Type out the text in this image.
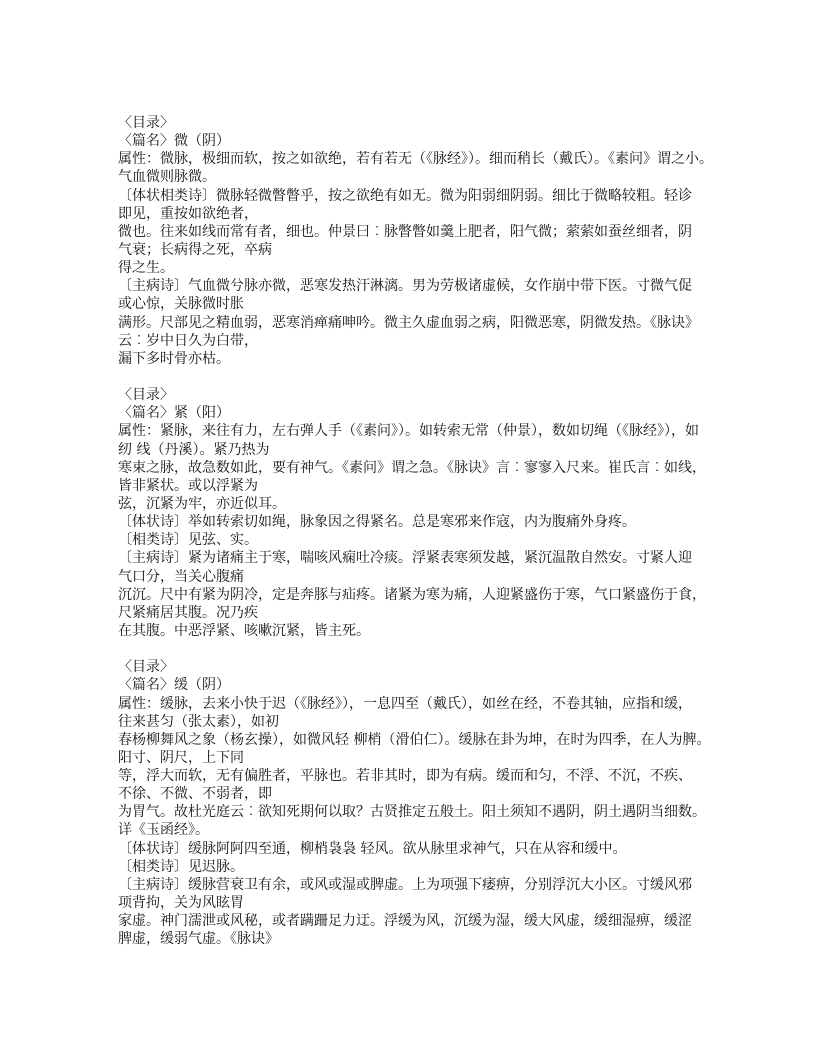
〈目录〉
〈篇名〉微（阴）
属性：微脉，极细而软，按之如欲绝，若有若无（《脉经》）。细而稍长（戴氏）。《素问》谓之小。
气血微则脉微。
〔体状相类诗〕微脉轻微瞥瞥乎，按之欲绝有如无。微为阳弱细阴弱。细比于微略较粗。轻诊
即见，重按如欲绝者，
微也。往来如线而常有者，细也。仲景曰︰脉瞥瞥如羹上肥者，阳气微；萦萦如蚕丝细者，阴
气衰；长病得之死，卒病
得之生。
〔主病诗〕气血微兮脉亦微，恶寒发热汗淋漓。男为劳极诸虚候，女作崩中带下医。寸微气促
或心惊，关脉微时胀
满形。尺部见之精血弱，恶寒消瘅痛呻吟。微主久虚血弱之病，阳微恶寒，阴微发热。《脉诀》
云︰岁中日久为白带，
漏下多时骨亦枯。
〈目录〉
〈篇名〉紧（阳）
属性：紧脉，来往有力，左右弹人手（《素问》）。如转索无常（仲景），数如切绳（《脉经》），如
纫 线（丹溪）。紧乃热为
寒束之脉，故急数如此，要有神气。《素问》谓之急。《脉诀》言︰寥寥入尺来。崔氏言︰如线，
皆非紧状。或以浮紧为
弦，沉紧为牢，亦近似耳。
〔体状诗〕举如转索切如绳，脉象因之得紧名。总是寒邪来作寇，内为腹痛外身疼。
〔相类诗〕见弦、实。
〔主病诗〕紧为诸痛主于寒，喘咳风痫吐冷痰。浮紧表寒须发越，紧沉温散自然安。寸紧人迎
气口分，当关心腹痛
沉沉。尺中有紧为阴冷，定是奔豚与疝疼。诸紧为寒为痛，人迎紧盛伤于寒，气口紧盛伤于食，
尺紧痛居其腹。况乃疾
在其腹。中恶浮紧、咳嗽沉紧，皆主死。
〈目录〉
〈篇名〉缓（阴）
属性：缓脉，去来小快于迟（《脉经》），一息四至（戴氏），如丝在经，不卷其轴，应指和缓，
往来甚匀（张太素），如初
春杨柳舞风之象（杨玄操），如微风轻 柳梢（滑伯仁）。缓脉在卦为坤，在时为四季，在人为脾。
阳寸、阴尺，上下同
等，浮大而软，无有偏胜者，平脉也。若非其时，即为有病。缓而和匀，不浮、不沉，不疾、
不徐、不微、不弱者，即
为胃气。故杜光庭云︰欲知死期何以取？古贤推定五般土。阳土须知不遇阴，阴土遇阴当细数。
详《玉函经》。
〔体状诗〕缓脉阿阿四至通，柳梢袅袅 轻风。欲从脉里求神气，只在从容和缓中。
〔相类诗〕见迟脉。
〔主病诗〕缓脉营衰卫有余，或风或湿或脾虚。上为项强下痿痹，分别浮沉大小区。寸缓风邪
项背拘，关为风眩胃
家虚。神门濡泄或风秘，或者蹒跚足力迂。浮缓为风，沉缓为湿，缓大风虚，缓细湿痹，缓涩
脾虚，缓弱气虚。《脉诀》
